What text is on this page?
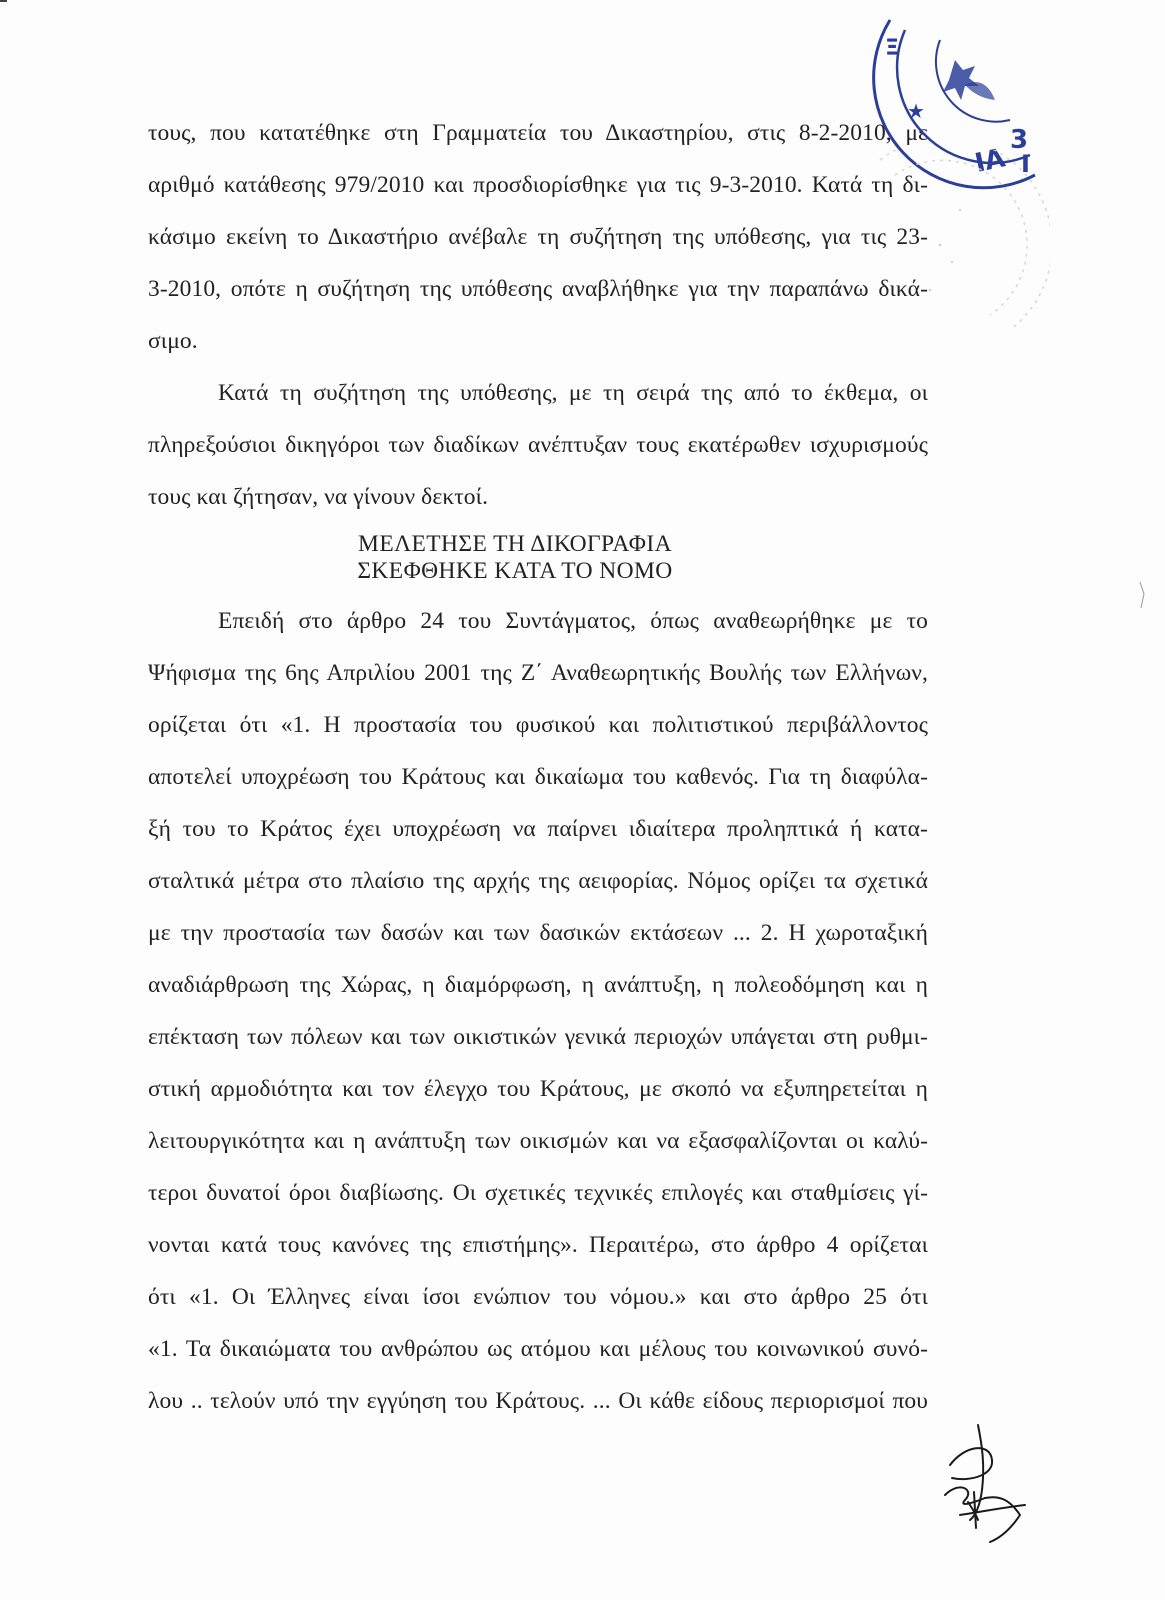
τους, που κατατέθηκε στη Γραμματεία του Δικαστηρίου, στις 8-2-2010, με
αριθμό κατάθεσης 979/2010 και προσδιορίσθηκε για τις 9-3-2010. Κατά τη δι-
κάσιμο εκείνη το Δικαστήριο ανέβαλε τη συζήτηση της υπόθεσης, για τις 23-
3-2010, οπότε η συζήτηση της υπόθεσης αναβλήθηκε για την παραπάνω δικά-
σιμο.
Κατά τη συζήτηση της υπόθεσης, με τη σειρά της από το έκθεμα, οι
πληρεξούσιοι δικηγόροι των διαδίκων ανέπτυξαν τους εκατέρωθεν ισχυρισμούς
τους και ζήτησαν, να γίνουν δεκτοί.
ΜΕΛΕΤΗΣΕ ΤΗ ΔΙΚΟΓΡΑΦΙΑ
ΣΚΕΦΘΗΚΕ ΚΑΤΑ ΤΟ ΝΟΜΟ
Επειδή στο άρθρο 24 του Συντάγματος, όπως αναθεωρήθηκε με το
Ψήφισμα της 6ης Απριλίου 2001 της Ζ΄ Αναθεωρητικής Βουλής των Ελλήνων,
ορίζεται ότι «1. Η προστασία του φυσικού και πολιτιστικού περιβάλλοντος
αποτελεί υποχρέωση του Κράτους και δικαίωμα του καθενός. Για τη διαφύλα-
ξή του το Κράτος έχει υποχρέωση να παίρνει ιδιαίτερα προληπτικά ή κατα-
σταλτικά μέτρα στο πλαίσιο της αρχής της αειφορίας. Νόμος ορίζει τα σχετικά
με την προστασία των δασών και των δασικών εκτάσεων ... 2. Η χωροταξική
αναδιάρθρωση της Χώρας, η διαμόρφωση, η ανάπτυξη, η πολεοδόμηση και η
επέκταση των πόλεων και των οικιστικών γενικά περιοχών υπάγεται στη ρυθμι-
στική αρμοδιότητα και τον έλεγχο του Κράτους, με σκοπό να εξυπηρετείται η
λειτουργικότητα και η ανάπτυξη των οικισμών και να εξασφαλίζονται οι καλύ-
τεροι δυνατοί όροι διαβίωσης. Οι σχετικές τεχνικές επιλογές και σταθμίσεις γί-
νονται κατά τους κανόνες της επιστήμης». Περαιτέρω, στο άρθρο 4 ορίζεται
ότι «1. Οι Έλληνες είναι ίσοι ενώπιον του νόμου.» και στο άρθρο 25 ότι
«1. Τα δικαιώματα του ανθρώπου ως ατόμου και μέλους του κοινωνικού συνό-
λου .. τελούν υπό την εγγύηση του Κράτους. ... Οι κάθε είδους περιορισμοί που
★
3
ΙΑ Ι
Ξ
